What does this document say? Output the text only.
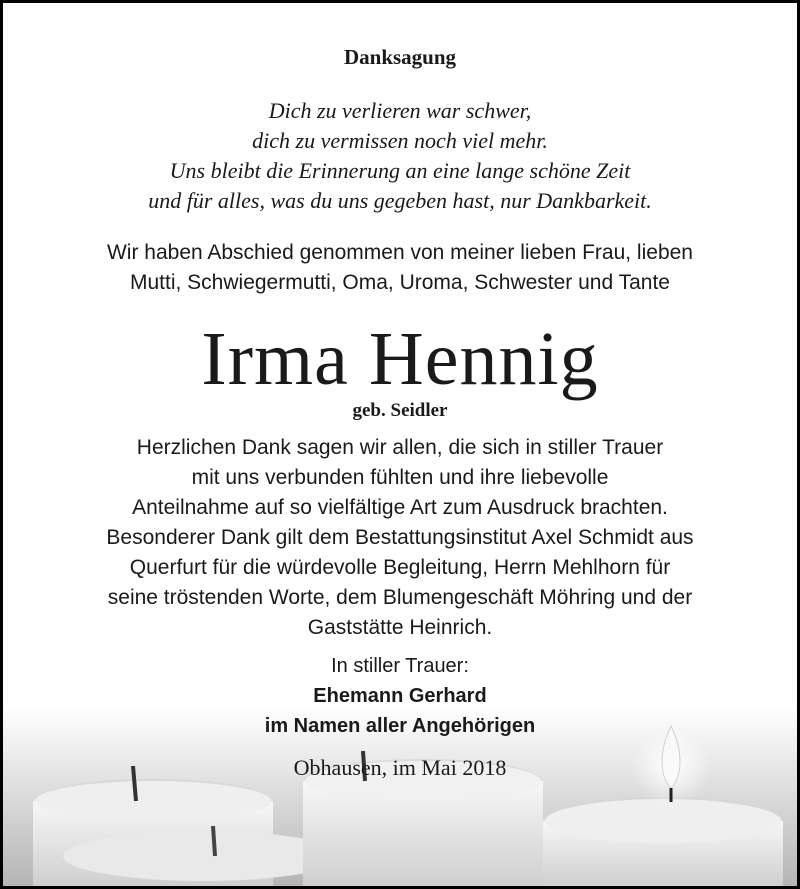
Danksagung
Dich zu verlieren war schwer,
dich zu vermissen noch viel mehr.
Uns bleibt die Erinnerung an eine lange schöne Zeit
und für alles, was du uns gegeben hast, nur Dankbarkeit.
Wir haben Abschied genommen von meiner lieben Frau, lieben
Mutti, Schwiegermutti, Oma, Uroma, Schwester und Tante
Irma Hennig
geb. Seidler
Herzlichen Dank sagen wir allen, die sich in stiller Trauer
mit uns verbunden fühlten und ihre liebevolle
Anteilnahme auf so vielfältige Art zum Ausdruck brachten.
Besonderer Dank gilt dem Bestattungsinstitut Axel Schmidt aus
Querfurt für die würdevolle Begleitung, Herrn Mehlhorn für
seine tröstenden Worte, dem Blumengeschäft Möhring und der
Gaststätte Heinrich.
In stiller Trauer:
Ehemann Gerhard
im Namen aller Angehörigen
Obhausen, im Mai 2018
